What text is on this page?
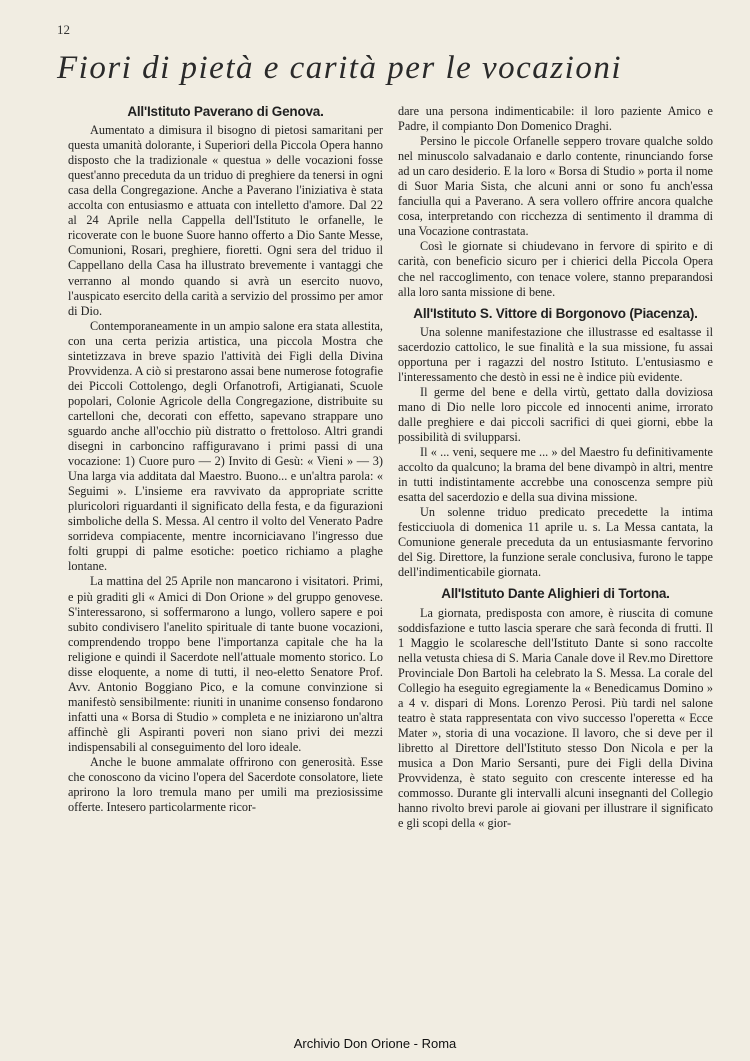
12
Fiori di pietà e carità per le vocazioni
All'Istituto Paverano di Genova.

Aumentato a dimisura il bisogno di pietosi samaritani per questa umanità dolorante, i Superiori della Piccola Opera hanno disposto che la tradizionale « questua » delle vocazioni fosse quest'anno preceduta da un triduo di preghiere da tenersi in ogni casa della Congregazione. Anche a Paverano l'iniziativa è stata accolta con entusiasmo e attuata con intelletto d'amore. Dal 22 al 24 Aprile nella Cappella dell'Istituto le orfanelle, le ricoverate con le buone Suore hanno offerto a Dio Sante Messe, Comunioni, Rosari, preghiere, fioretti. Ogni sera del triduo il Cappellano della Casa ha illustrato brevemente i vantaggi che verranno al mondo quando si avrà un esercito nuovo, l'auspicato esercito della carità a servizio del prossimo per amor di Dio.

Contemporaneamente in un ampio salone era stata allestita, con una certa perizia artistica, una piccola Mostra che sintetizzava in breve spazio l'attività dei Figli della Divina Provvidenza. A ciò si prestarono assai bene numerose fotografie dei Piccoli Cottolengo, degli Orfanotrofi, Artigianati, Scuole popolari, Colonie Agricole della Congregazione, distribuite su cartelloni che, decorati con effetto, sapevano strappare uno sguardo anche all'occhio più distratto o frettoloso. Altri grandi disegni in carboncino raffiguravano i primi passi di una vocazione: 1) Cuore puro — 2) Invito di Gesù: « Vieni » — 3) Una larga via additata dal Maestro. Buono... e un'altra parola: « Seguimi ». L'insieme era ravvivato da appropriate scritte pluricolori riguardanti il significato della festa, e da figurazioni simboliche della S. Messa. Al centro il volto del Venerato Padre sorrideva compiacente, mentre incorniciavano l'ingresso due folti gruppi di palme esotiche: poetico richiamo a plaghe lontane.

La mattina del 25 Aprile non mancarono i visitatori. Primi, e più graditi gli « Amici di Don Orione » del gruppo genovese. S'interessarono, si soffermarono a lungo, vollero sapere e poi subito condivisero l'anelito spirituale di tante buone vocazioni, comprendendo troppo bene l'importanza capitale che ha la religione e quindi il Sacerdote nell'attuale momento storico. Lo disse eloquente, a nome di tutti, il neo-eletto Senatore Prof. Avv. Antonio Boggiano Pico, e la comune convinzione si manifestò sensibilmente: riuniti in unanime consenso fondarono infatti una « Borsa di Studio » completa e ne iniziarono un'altra affinchè gli Aspiranti poveri non siano privi dei mezzi indispensabili al conseguimento del loro ideale.

Anche le buone ammalate offrirono con generosità. Esse che conoscono da vicino l'opera del Sacerdote consolatore, liete aprirono la loro tremula mano per umili ma preziosissime offerte. Intesero particolarmente ricor-

dare una persona indimenticabile: il loro paziente Amico e Padre, il compianto Don Domenico Draghi.

Persino le piccole Orfanelle seppero trovare qualche soldo nel minuscolo salvadanaio e darlo contente, rinunciando forse ad un caro desiderio. E la loro « Borsa di Studio » porta il nome di Suor Maria Sista, che alcuni anni or sono fu anch'essa fanciulla qui a Paverano. A sera vollero offrire ancora qualche cosa, interpretando con ricchezza di sentimento il dramma di una Vocazione contrastata.

Così le giornate si chiudevano in fervore di spirito e di carità, con beneficio sicuro per i chierici della Piccola Opera che nel raccoglimento, con tenace volere, stanno preparandosi alla loro santa missione di bene.

All'Istituto S. Vittore di Borgonovo (Piacenza).

Una solenne manifestazione che illustrasse ed esaltasse il sacerdozio cattolico, le sue finalità e la sua missione, fu assai opportuna per i ragazzi del nostro Istituto. L'entusiasmo e l'interessamento che destò in essi ne è indice più evidente.

Il germe del bene e della virtù, gettato dalla doviziosa mano di Dio nelle loro piccole ed innocenti anime, irrorato dalle preghiere e dai piccoli sacrifici di quei giorni, ebbe la possibilità di svilupparsi.

Il « ... veni, sequere me ... » del Maestro fu definitivamente accolto da qualcuno; la brama del bene divampò in altri, mentre in tutti indistintamente accrebbe una conoscenza sempre più esatta del sacerdozio e della sua divina missione.

Un solenne triduo predicato precedette la intima festicciuola di domenica 11 aprile u. s. La Messa cantata, la Comunione generale preceduta da un entusiasmante fervorino del Sig. Direttore, la funzione serale conclusiva, furono le tappe dell'indimenticabile giornata.

All'Istituto Dante Alighieri di Tortona.

La giornata, predisposta con amore, è riuscita di comune soddisfazione e tutto lascia sperare che sarà feconda di frutti. Il 1 Maggio le scolaresche dell'Istituto Dante si sono raccolte nella vetusta chiesa di S. Maria Canale dove il Rev.mo Direttore Provinciale Don Bartoli ha celebrato la S. Messa. La corale del Collegio ha eseguito egregiamente la « Benedicamus Domino » a 4 v. dispari di Mons. Lorenzo Perosi. Più tardi nel salone teatro è stata rappresentata con vivo successo l'operetta « Ecce Mater », storia di una vocazione. Il lavoro, che si deve per il libretto al Direttore dell'Istituto stesso Don Nicola e per la musica a Don Mario Sersanti, pure dei Figli della Divina Provvidenza, è stato seguito con crescente interesse ed ha commosso. Durante gli intervalli alcuni insegnanti del Collegio hanno rivolto brevi parole ai giovani per illustrare il significato e gli scopi della « gior-

Archivio Don Orione - Roma
